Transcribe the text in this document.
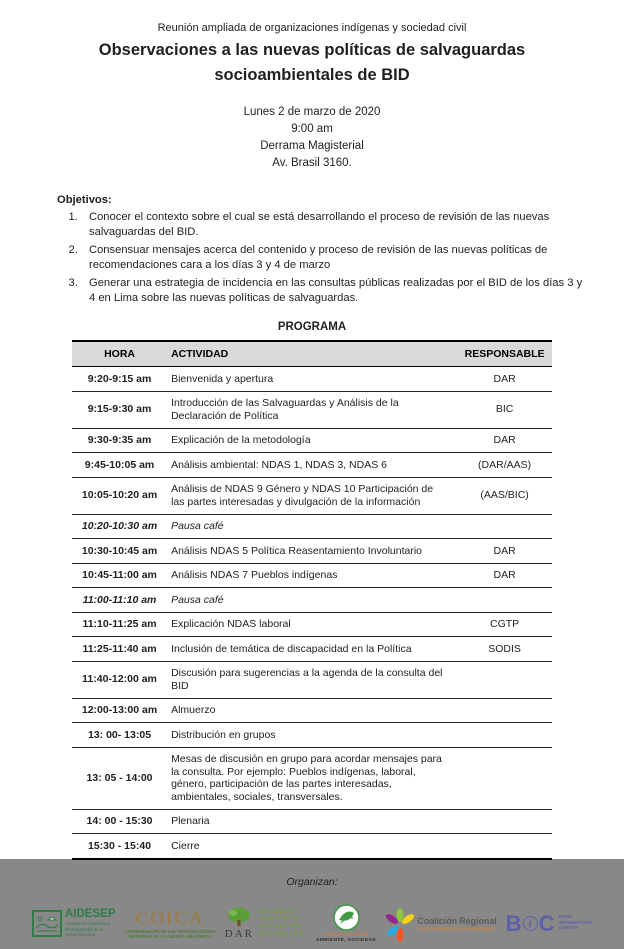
Reunión ampliada de organizaciones indígenas y sociedad civil
Observaciones a las nuevas políticas de salvaguardas socioambientales de BID
Lunes 2 de marzo de 2020
9:00 am
Derrama Magisterial
Av. Brasil 3160.
Objetivos:
1. Conocer el contexto sobre el cual se está desarrollando el proceso de revisión de las nuevas salvaguardas del BID.
2. Consensuar mensajes acerca del contenido y proceso de revisión de las nuevas políticas de recomendaciones cara a los días 3 y 4 de marzo
3. Generar una estrategia de incidencia en las consultas públicas realizadas por el BID de los días 3 y 4 en Lima sobre las nuevas políticas de salvaguardas.
PROGRAMA
HORA	ACTIVIDAD	RESPONSABLE
9:20-9:15 am	Bienvenida y apertura	DAR
9:15-9:30 am	Introducción de las Salvaguardas y Análisis de la Declaración de Política	BIC
9:30-9:35 am	Explicación de la metodología	DAR
9:45-10:05 am	Análisis ambiental: NDAS 1, NDAS 3, NDAS 6	(DAR/AAS)
10:05-10:20 am	Análisis de NDAS 9 Género y NDAS 10 Participación de las partes interesadas y divulgación de la información	(AAS/BIC)
10:20-10:30 am	Pausa café	
10:30-10:45 am	Análisis NDAS 5 Política Reasentamiento Involuntario	DAR
10:45-11:00 am	Análisis NDAS 7 Pueblos indígenas	DAR
11:00-11:10 am	Pausa café	
11:10-11:25 am	Explicación NDAS laboral	CGTP
11:25-11:40 am	Inclusión de temática de discapacidad en la Política	SODIS
11:40-12:00 am	Discusión para sugerencias a la agenda de la consulta del BID	
12:00-13:00 am	Almuerzo	
13: 00- 13:05	Distribución en grupos	
13: 05 - 14:00	Mesas de discusión en grupo para acordar mensajes para la consulta. Por ejemplo: Pueblos indígenas, laboral, género, participación de las partes interesadas, ambientales, sociales, transversales.	
14: 00 - 15:30	Plenaria	
15:30 - 15:40	Cierre	
Organizan:
AIDESEP
Asociación Interétnica
de Desarrollo de la
Selva Peruana
COICA
COORDINADORA DE LAS ORGANIZACIONES
INDÍGENAS DE LA CUENCA AMAZÓNICA	DAR
DERECHO
AMBIENTE Y
RECURSOS
NATURALES	ASOCIACIÓN
AMBIENTE, SOCIEDAD
Coalición Regional
Por la transparencia y la participación B i C BANK
INFORMATION
CENTER
